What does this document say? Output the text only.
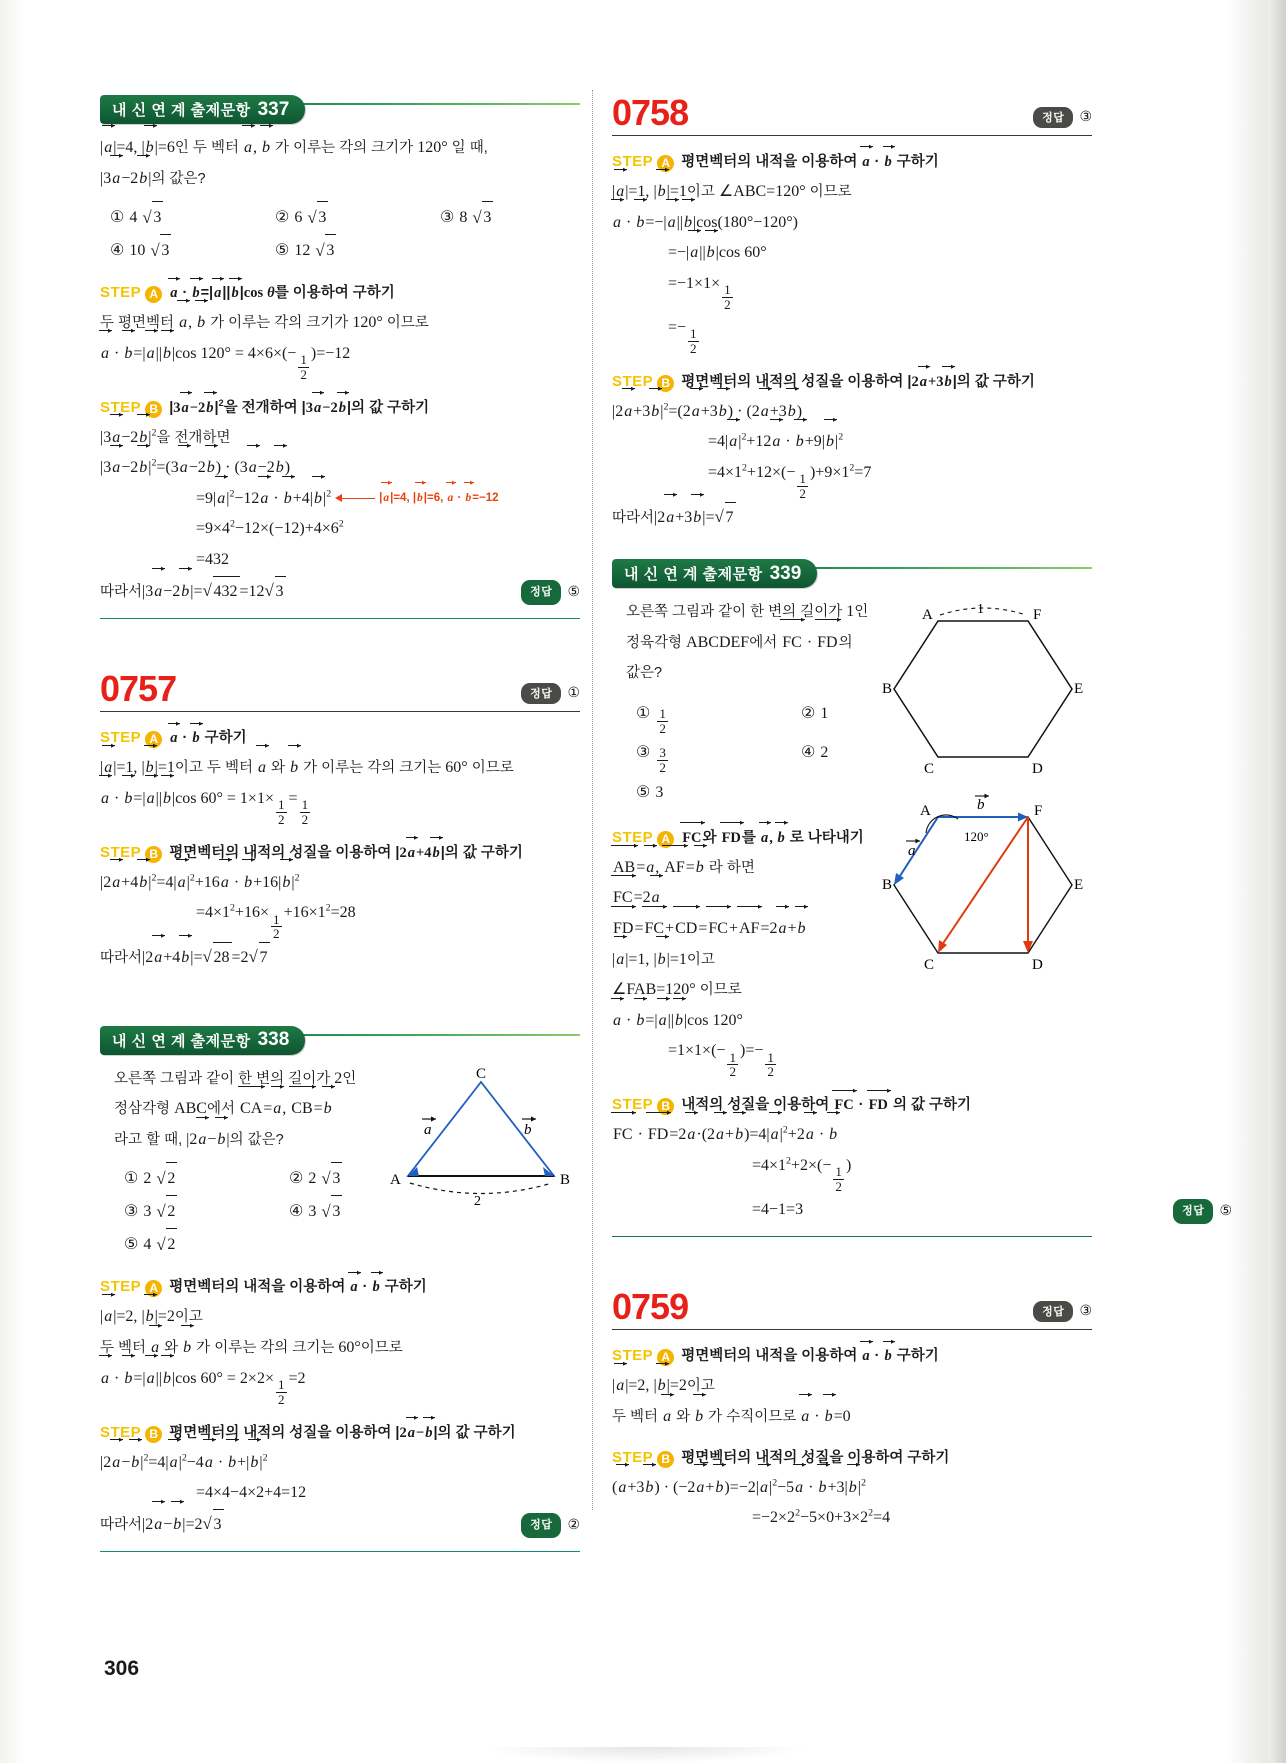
내 신 연 계 출제문항 337
|a|=4, |b|=6인 두 벡터 a, b 가 이루는 각의 크기가 120° 일 때,
|3a−2b|의 값은?
① 4	√ 3	② 6	√ 3	③ 8	√ 3
④ 10	√ 3	⑤ 12	√ 3
STEP A a · b=|a||b|cos θ를 이용하여 구하기
두 평면벡터 a, b 가 이루는 각의 크기가 120° 이므로
a · b=|a||b|cos $120^\circ = 4\times 6\times(- \frac{1}{2} )=-12$
STEP B $|3a-2b|^2$을 전개하여 |3a−2b|의 값 구하기
$|3a-2b|^2$을 전개하면
$|3a-2b|^2=(3a-2b) \cdot (3a-2b)$
$=9|a|^2-12a \cdot b+4|b|^2$	|a|=4, |b|=6, a · b=−12
$=9\times 4^2-12\times(-12)+4\times 6^2$
=432
따라서|3a−2b|= √ 432 =12 √ 3	정답	⑤
0757	정답	①
STEP A a · b 구하기
|a|=1, |b|=1이고 두 벡터 a 와 b 가 이루는 각의 크기는 60° 이므로
a · b=|a||b|cos $60^\circ = 1\times 1\times \frac{1}{2} = \frac{1}{2}$
STEP B 평면벡터의 내적의 성질을 이용하여 |2a+4b|의 값 구하기
$|2a+4b|^2=4|a|^2+16a \cdot b+16|b|^2$
$=4\times 1^2+16\times \frac{1}{2} +16\times 1^2=28$
따라서|2a+4b|= √ 28 =2 √ 7
내 신 연 계 출제문항 338
오른쪽 그림과 같이 한 변의 길이가 2인
정삼각형 ABC에서 CA=a, CB=b
라고 할 때, |2a−b|의 값은?
① 2	√ 2	② 2	√ 3
③ 3	√ 2	④ 3	√ 3
⑤ 4	√ 2
C
A	B
2
a	b
STEP A 평면벡터의 내적을 이용하여 a · b 구하기
|a|=2, |b|=2이고
두 벡터 a 와 b 가 이루는 각의 크기는 60°이므로
a · b=|a||b|cos $60^\circ = 2\times 2\times \frac{1}{2} =2$
STEP B 평면벡터의 내적의 성질을 이용하여 |2a−b|의 값 구하기
$|2a-b|^2=4|a|^2-4a \cdot b+|b|^2$
=4×4−4×2+4=12
따라서|2a−b|=2 √ 3	정답	②
0758	정답	③
STEP A 평면벡터의 내적을 이용하여 a · b 구하기
|a|=1, |b|=1이고 ∠ABC=120° 이므로
a · b=−|a||b|cos(180°−120°)
=−|a||b|cos 60°
$=-1\times 1\times \frac{1}{2}$
=− $\frac{1}{2}$
STEP B 평면벡터의 내적의 성질을 이용하여 |2a+3b|의 값 구하기
$|2a+3b|^2=(2a+3b) \cdot (2a+3b)$
$=4|a|^2+12a \cdot b+9|b|^2$
$=4\times 1^2+12\times(- \frac{1}{2} )+9\times 1^2=7$
따라서|2a+3b|= √ 7
내 신 연 계 출제문항 339
오른쪽 그림과 같이 한 변의 길이가 1인
정육각형 ABCDEF에서 FC · FD의
값은?
① $\frac{1}{2}$	② 1
③ $\frac{3}{2}$	④ 2
⑤ 3
1
A	F
B	E
C	D
STEP A FC와 FD를 a, b 로 나타내기
AB=a, AF=b 라 하면
FC=2a
FD=FC+CD=FC+AF=2a+b
|a|=1, |b|=1이고
∠FAB=120° 이므로
a · b=|a||b|cos 120°
$=1\times 1\times(- \frac{1}{2}$ )=− $\frac{1}{2}$
120°
A	F
B	E
C	D
a
b
STEP B 내적의 성질을 이용하여 FC · FD 의 값 구하기
FC · $FD=2a\cdot(2a+b)=4|a|^2+2a \cdot b$
$=4\times 1^2+2\times(- \frac{1}{2}$ )
=4−1=3	정답	⑤
0759	정답	③
STEP A 평면벡터의 내적을 이용하여 a · b 구하기
|a|=2, |b|=2이고
두 벡터 a 와 b 가 수직이므로 a · b=0
STEP B 평면벡터의 내적의 성질을 이용하여 구하기
$(a+3b) \cdot (-2a+b)=-2|a|^2-5a \cdot b+3|b|^2$
$=-2\times 2^2-5\times 0+3\times 2^2=4$
306
